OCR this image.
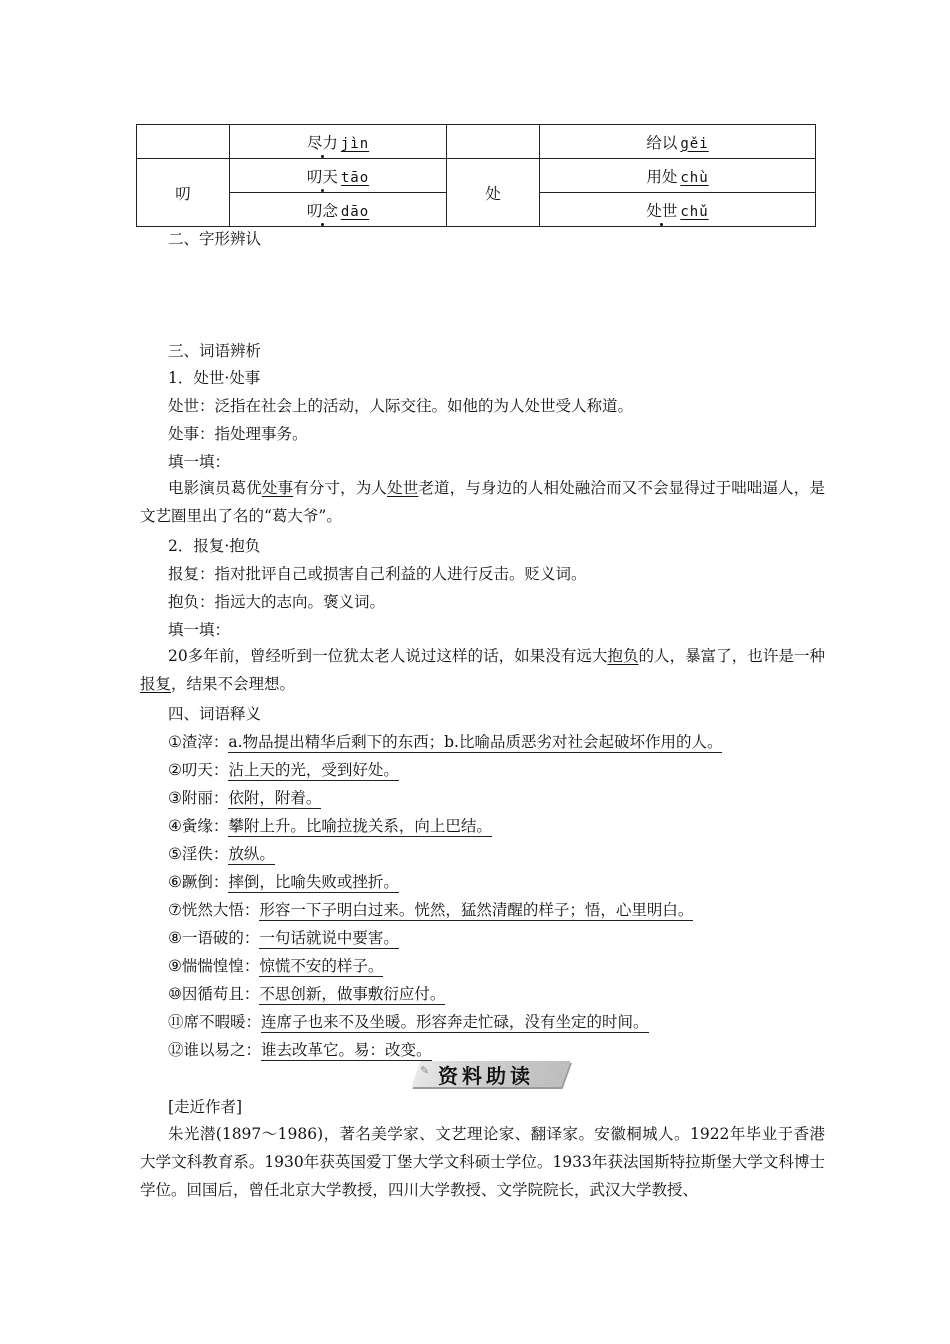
	尽力 jìn		给以 gěi
叨	叨天 tāo	处	用处 chù
	叨念 dāo		处世 chǔ
二、字形辨认
三、词语辨析
1．处世·处事
处世：泛指在社会上的活动，人际交往。如他的为人处世受人称道。
处事：指处理事务。
填一填：
电影演员葛优处事有分寸，为人处世老道，与身边的人相处融洽而又不会显得过于咄咄逼人，是文艺圈里出了名的“葛大爷”。
2．报复·抱负
报复：指对批评自己或损害自己利益的人进行反击。贬义词。
抱负：指远大的志向。褒义词。
填一填：
20多年前，曾经听到一位犹太老人说过这样的话，如果没有远大抱负的人，暴富了，也许是一种报复，结果不会理想。
四、词语释义
①渣滓：a.物品提出精华后剩下的东西；b.比喻品质恶劣对社会起破坏作用的人。
②叨天：沾上天的光，受到好处。
③附丽：依附，附着。
④夤缘：攀附上升。比喻拉拢关系，向上巴结。
⑤淫佚：放纵。
⑥蹶倒：摔倒，比喻失败或挫折。
⑦恍然大悟：形容一下子明白过来。恍然，猛然清醒的样子；悟，心里明白。
⑧一语破的：一句话就说中要害。
⑨惴惴惶惶：惊慌不安的样子。
⑩因循苟且：不思创新，做事敷衍应付。
⑪席不暇暖：连席子也来不及坐暖。形容奔走忙碌，没有坐定的时间。
⑫谁以易之：谁去改革它。易：改变。
✎ 资料助读
[走近作者]
朱光潜(1897～1986)，著名美学家、文艺理论家、翻译家。安徽桐城人。1922年毕业于香港大学文科教育系。1930年获英国爱丁堡大学文科硕士学位。1933年获法国斯特拉斯堡大学文科博士学位。回国后，曾任北京大学教授，四川大学教授、文学院院长，武汉大学教授、
